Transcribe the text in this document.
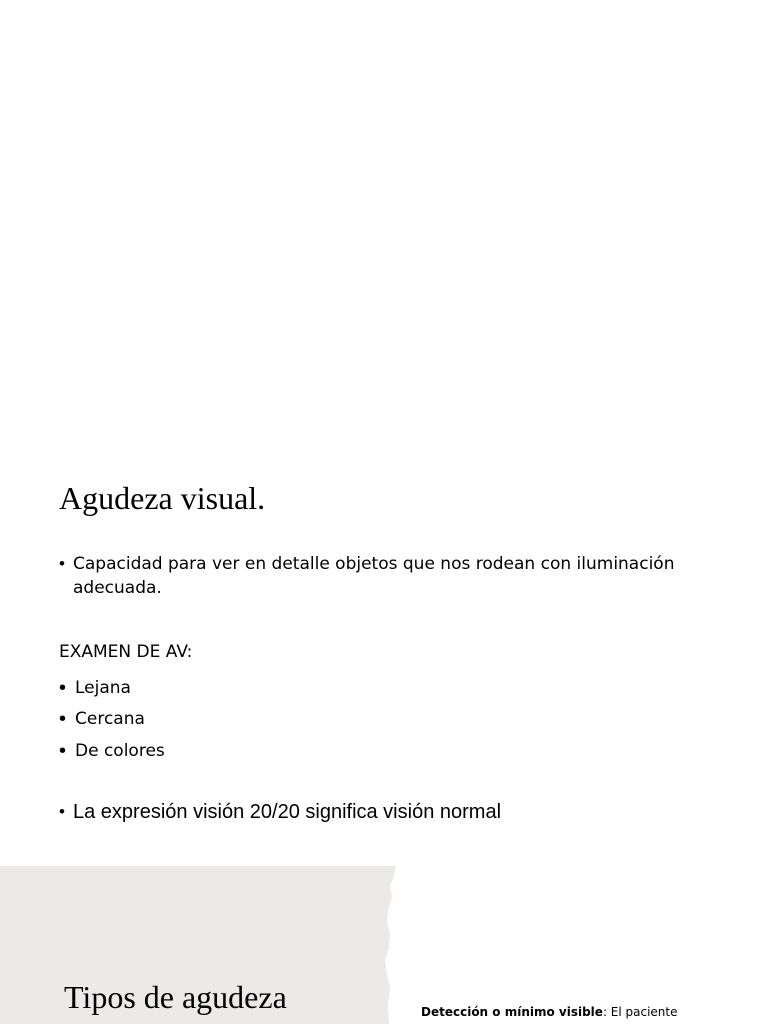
Agudeza visual.
• Capacidad para ver en detalle objetos que nos rodean con iluminación adecuada.

EXAMEN DE AV:

• Lejana
• Cercana
• De colores
• La expresión visión 20/20 significa visión normal
Tipos de agudeza	Detección o mínimo visible: El paciente
